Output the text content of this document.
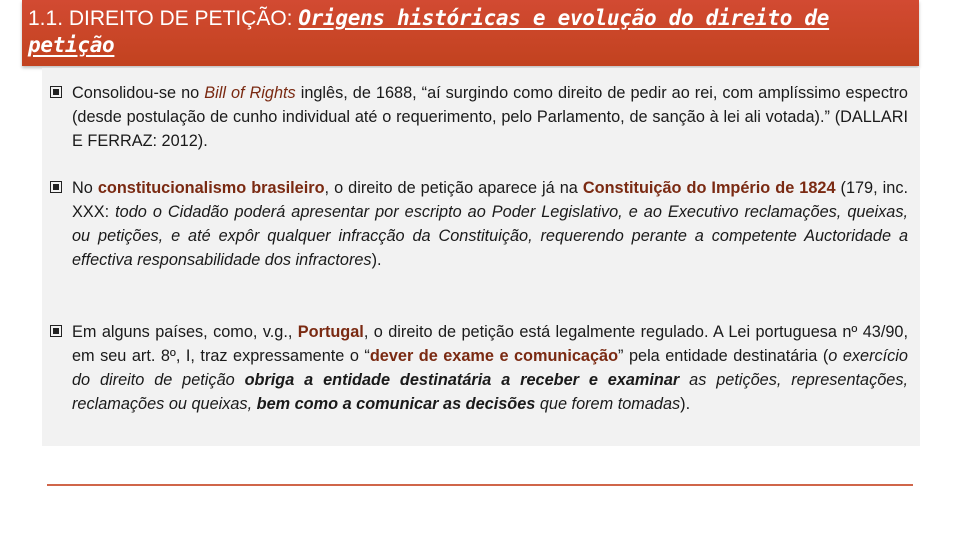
1.1. DIREITO DE PETIÇÃO: Origens históricas e evolução do direito de petição
Consolidou-se no Bill of Rights inglês, de 1688, “aí surgindo como direito de pedir ao rei, com amplíssimo espectro (desde postulação de cunho individual até o requerimento, pelo Parlamento, de sanção à lei ali votada).” (DALLARI E FERRAZ: 2012).
No constitucionalismo brasileiro, o direito de petição aparece já na Constituição do Império de 1824 (179, inc. XXX: todo o Cidadão poderá apresentar por escripto ao Poder Legislativo, e ao Executivo reclamações, queixas, ou petições, e até expôr qualquer infracção da Constituição, requerendo perante a competente Auctoridade a effectiva responsabilidade dos infractores).
Em alguns países, como, v.g., Portugal, o direito de petição está legalmente regulado. A Lei portuguesa nº 43/90, em seu art. 8º, I, traz expressamente o “dever de exame e comunicação” pela entidade destinatária (o exercício do direito de petição obriga a entidade destinatária a receber e examinar as petições, representações, reclamações ou queixas, bem como a comunicar as decisões que forem tomadas).
